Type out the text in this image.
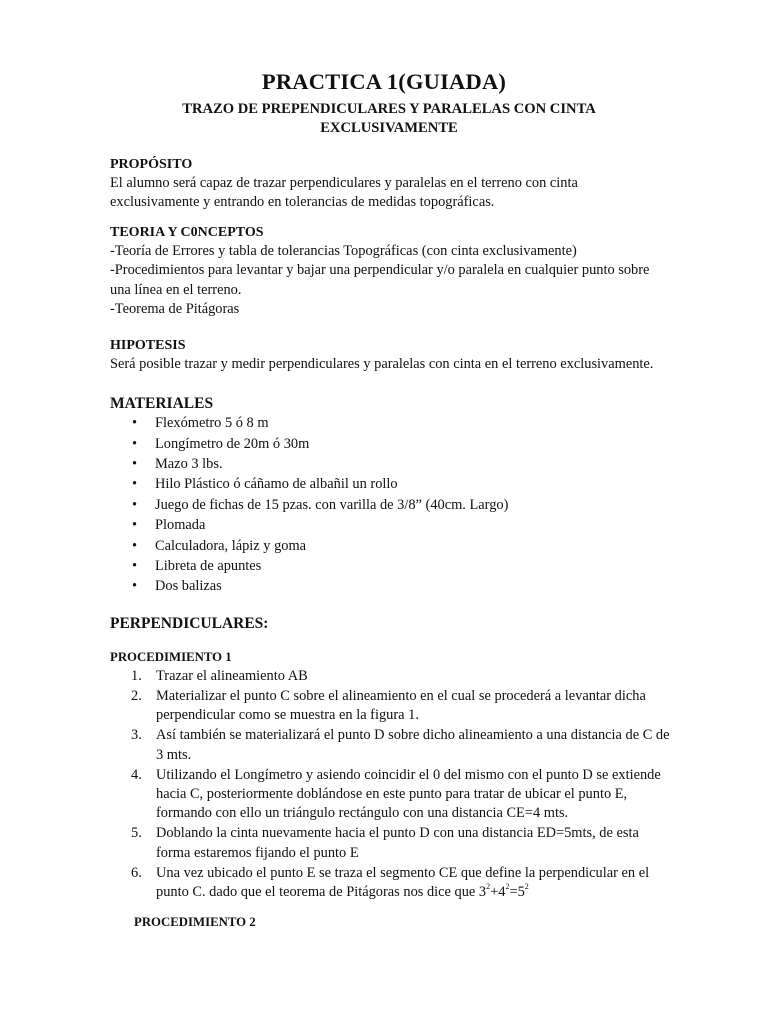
PRACTICA 1(GUIADA)
TRAZO DE PREPENDICULARES Y PARALELAS CON CINTA EXCLUSIVAMENTE
PROPÓSITO

El alumno será capaz de trazar perpendiculares y paralelas en el terreno con cinta exclusivamente y entrando en tolerancias de medidas topográficas.

TEORIA Y C0NCEPTOS

-Teoría de Errores y tabla de tolerancias Topográficas (con cinta exclusivamente)

-Procedimientos para levantar y bajar una perpendicular y/o paralela en cualquier punto sobre una línea en el terreno.

-Teorema de Pitágoras

HIPOTESIS

Será posible trazar y medir perpendiculares y paralelas con cinta en el terreno exclusivamente.

MATERIALES
• Flexómetro 5 ó 8 m
• Longímetro de 20m ó 30m
• Mazo 3 lbs.
• Hilo Plástico ó cáñamo de albañil un rollo
• Juego de fichas de 15 pzas. con varilla de 3/8” (40cm. Largo)
• Plomada
• Calculadora, lápiz y goma
• Libreta de apuntes
• Dos balizas
PERPENDICULARES:
PROCEDIMIENTO 1
1. Trazar el alineamiento AB
2. Materializar el punto C sobre el alineamiento en el cual se procederá a levantar dicha perpendicular como se muestra en la figura 1.
3. Así también se materializará el punto D sobre dicho alineamiento a una distancia de C de 3 mts.
4. Utilizando el Longímetro y asiendo coincidir el 0 del mismo con el punto D se extiende hacia C, posteriormente doblándose en este punto para tratar de ubicar el punto E, formando con ello un triángulo rectángulo con una distancia CE=4 mts.
5. Doblando la cinta nuevamente hacia el punto D con una distancia ED=5mts, de esta forma estaremos fijando el punto E
6. Una vez ubicado el punto E se traza el segmento CE que define la perpendicular en el punto C. dado que el teorema de Pitágoras nos dice que $3^2+4^2=5^2$
PROCEDIMIENTO 2
